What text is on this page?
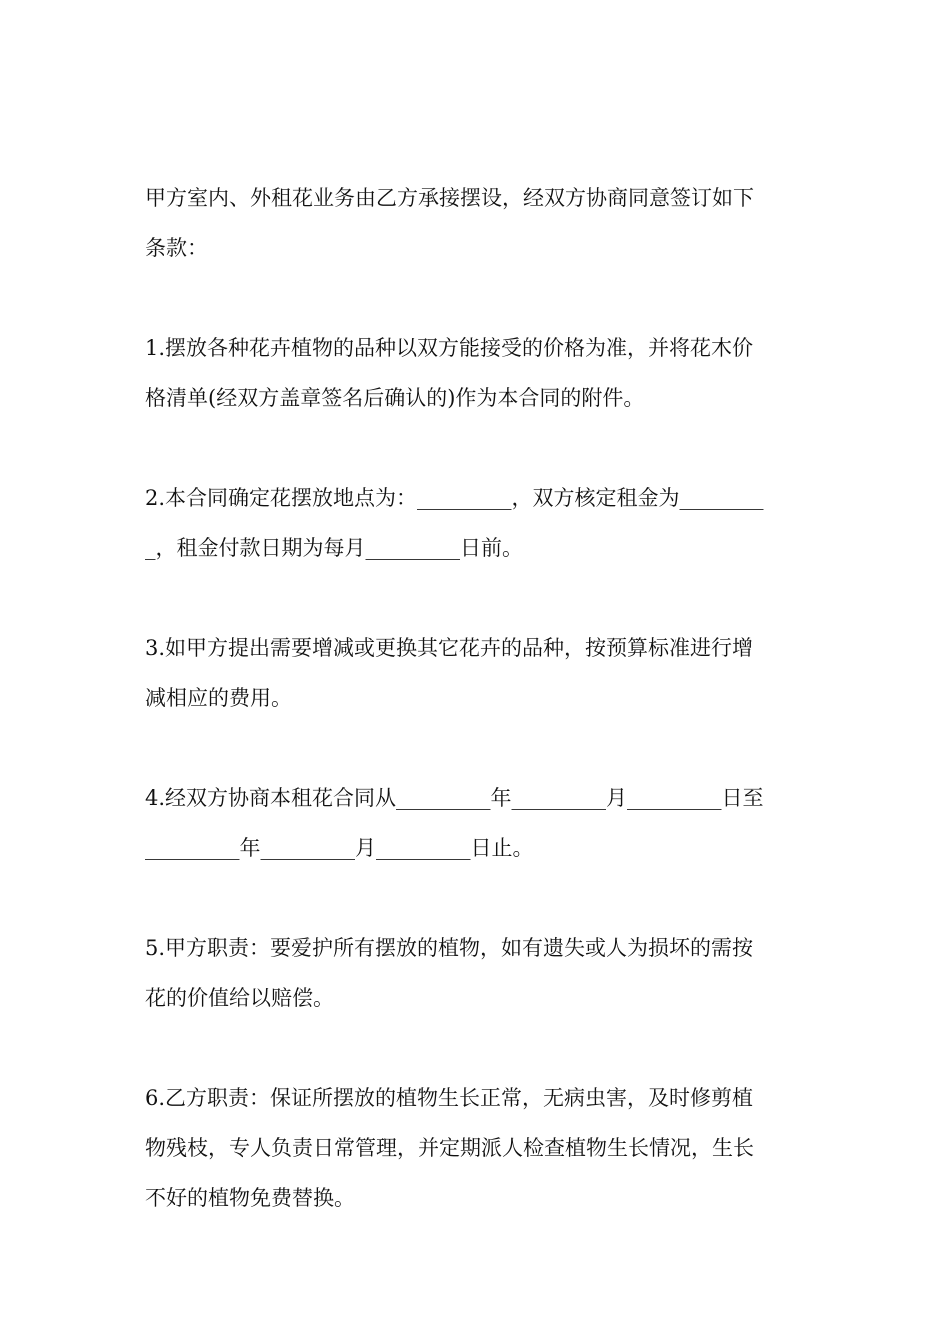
甲方室内、外租花业务由乙方承接摆设，经双方协商同意签订如下
条款：

1.摆放各种花卉植物的品种以双方能接受的价格为准，并将花木价
格清单(经双方盖章签名后确认的)作为本合同的附件。

2.本合同确定花摆放地点为：_________，双方核定租金为________
_，租金付款日期为每月_________日前。

3.如甲方提出需要增减或更换其它花卉的品种，按预算标准进行增
减相应的费用。

4.经双方协商本租花合同从_________年_________月_________日至
_________年_________月_________日止。

5.甲方职责：要爱护所有摆放的植物，如有遗失或人为损坏的需按
花的价值给以赔偿。

6.乙方职责：保证所摆放的植物生长正常，无病虫害，及时修剪植
物残枝，专人负责日常管理，并定期派人检查植物生长情况，生长
不好的植物免费替换。
